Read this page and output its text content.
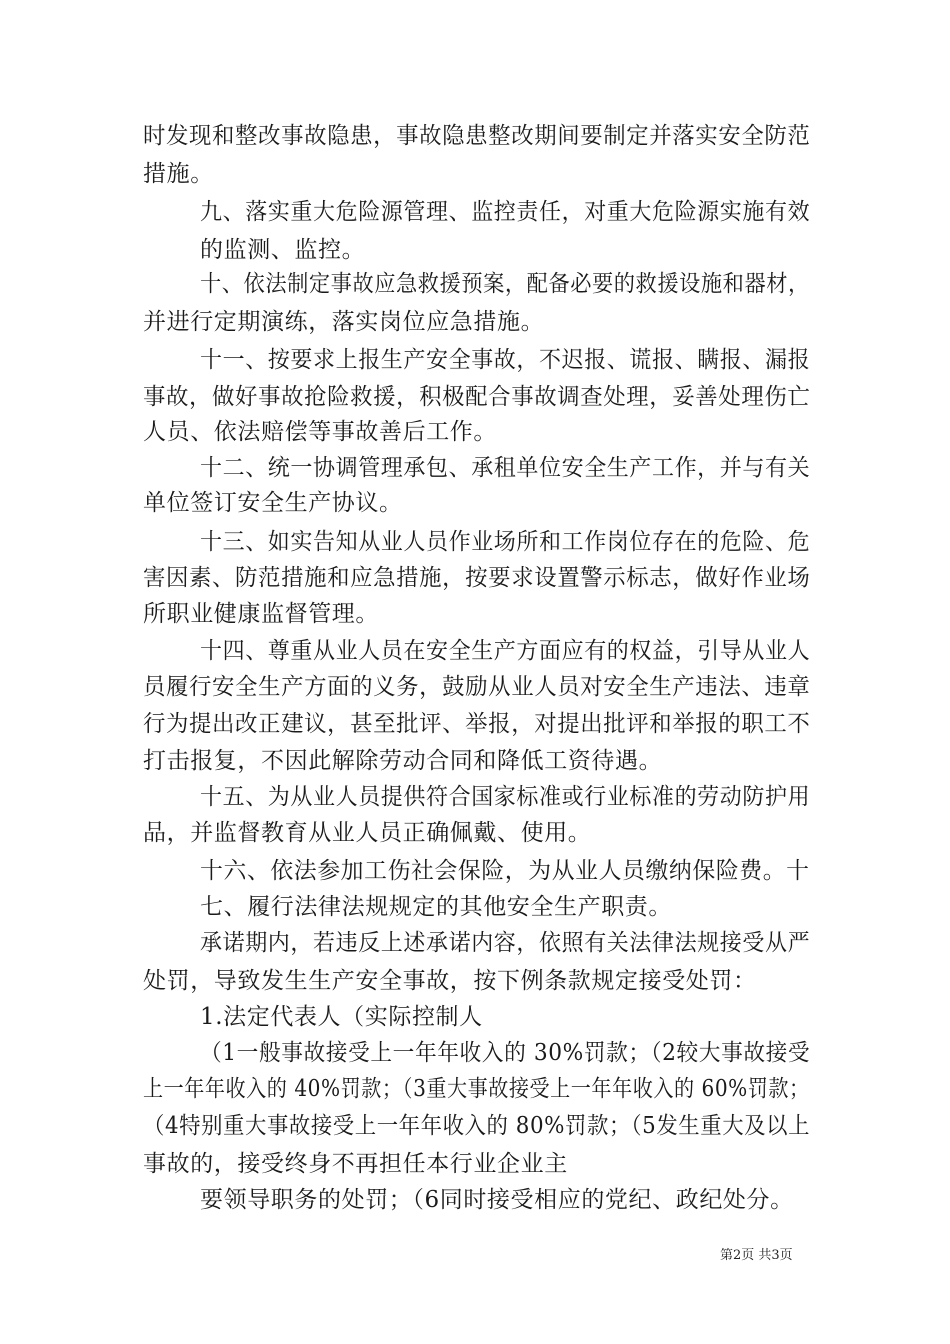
时发现和整改事故隐患，事故隐患整改期间要制定并落实安全防范
措施。
九、落实重大危险源管理、监控责任，对重大危险源实施有效
的监测、监控。
十、依法制定事故应急救援预案，配备必要的救援设施和器材，
并进行定期演练，落实岗位应急措施。
十一、按要求上报生产安全事故，不迟报、谎报、瞒报、漏报
事故，做好事故抢险救援，积极配合事故调查处理，妥善处理伤亡
人员、依法赔偿等事故善后工作。
十二、统一协调管理承包、承租单位安全生产工作，并与有关
单位签订安全生产协议。
十三、如实告知从业人员作业场所和工作岗位存在的危险、危
害因素、防范措施和应急措施，按要求设置警示标志，做好作业场
所职业健康监督管理。
十四、尊重从业人员在安全生产方面应有的权益，引导从业人
员履行安全生产方面的义务，鼓励从业人员对安全生产违法、违章
行为提出改正建议，甚至批评、举报，对提出批评和举报的职工不
打击报复，不因此解除劳动合同和降低工资待遇。
十五、为从业人员提供符合国家标准或行业标准的劳动防护用
品，并监督教育从业人员正确佩戴、使用。
十六、依法参加工伤社会保险，为从业人员缴纳保险费。十
七、履行法律法规规定的其他安全生产职责。
承诺期内，若违反上述承诺内容，依照有关法律法规接受从严
处罚，导致发生生产安全事故，按下例条款规定接受处罚：
1.法定代表人（实际控制人
（1一般事故接受上一年年收入的 30%罚款；（2较大事故接受
上一年年收入的 40%罚款；（3重大事故接受上一年年收入的 60%罚款；
（4特别重大事故接受上一年年收入的 80%罚款；（5发生重大及以上
事故的，接受终身不再担任本行业企业主
要领导职务的处罚；（6同时接受相应的党纪、政纪处分。
第2页 共3页
